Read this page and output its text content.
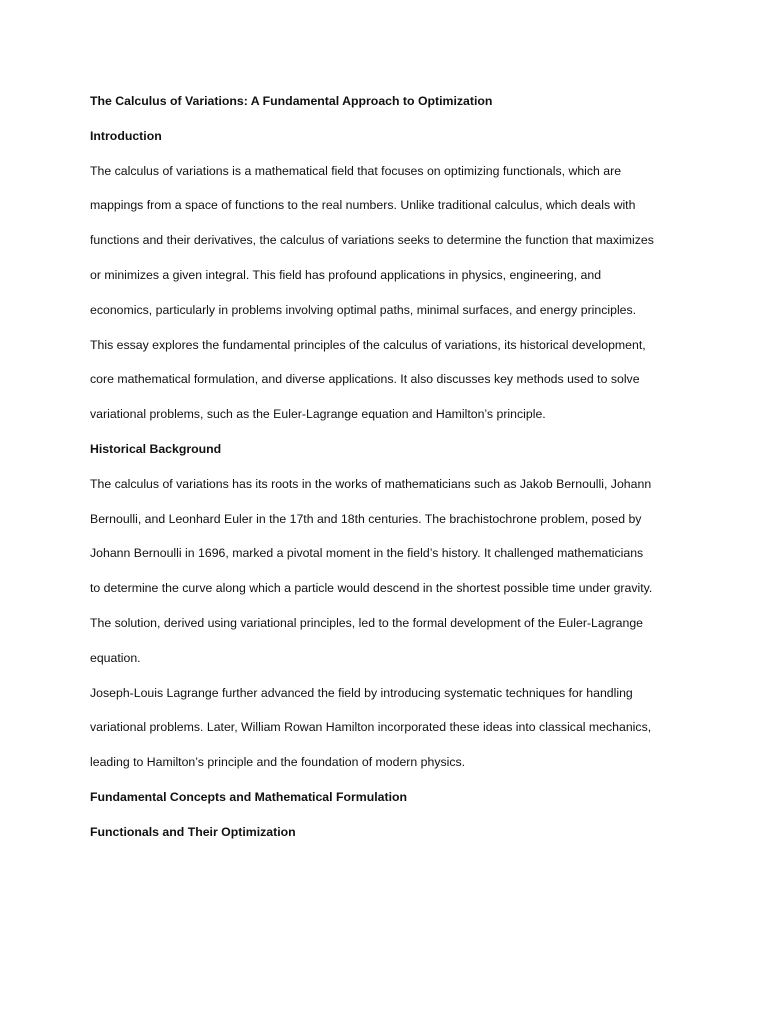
The Calculus of Variations: A Fundamental Approach to Optimization
Introduction
The calculus of variations is a mathematical field that focuses on optimizing functionals, which are
mappings from a space of functions to the real numbers. Unlike traditional calculus, which deals with
functions and their derivatives, the calculus of variations seeks to determine the function that maximizes
or minimizes a given integral. This field has profound applications in physics, engineering, and
economics, particularly in problems involving optimal paths, minimal surfaces, and energy principles.
This essay explores the fundamental principles of the calculus of variations, its historical development,
core mathematical formulation, and diverse applications. It also discusses key methods used to solve
variational problems, such as the Euler-Lagrange equation and Hamilton’s principle.
Historical Background
The calculus of variations has its roots in the works of mathematicians such as Jakob Bernoulli, Johann
Bernoulli, and Leonhard Euler in the 17th and 18th centuries. The brachistochrone problem, posed by
Johann Bernoulli in 1696, marked a pivotal moment in the field’s history. It challenged mathematicians
to determine the curve along which a particle would descend in the shortest possible time under gravity.
The solution, derived using variational principles, led to the formal development of the Euler-Lagrange
equation.
Joseph-Louis Lagrange further advanced the field by introducing systematic techniques for handling
variational problems. Later, William Rowan Hamilton incorporated these ideas into classical mechanics,
leading to Hamilton’s principle and the foundation of modern physics.
Fundamental Concepts and Mathematical Formulation
Functionals and Their Optimization
